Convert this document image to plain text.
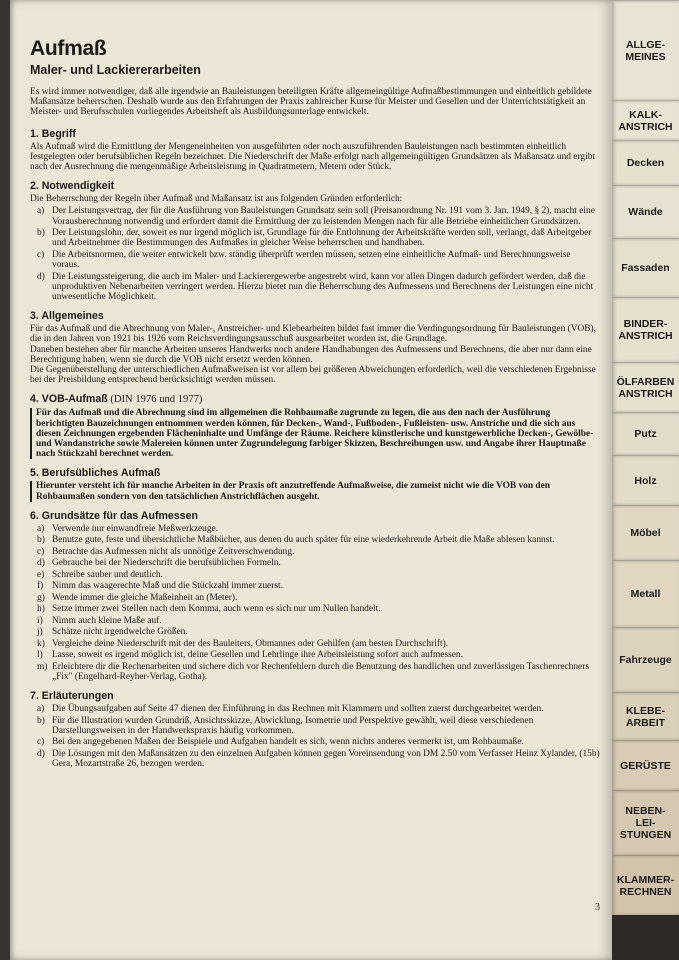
Aufmaß
Maler- und Lackiererarbeiten

Es wird immer notwendiger, daß alle irgendwie an Bauleistungen beteiligten Kräfte allgemeingültige Aufmaßbestimmungen und einheitlich gebildete Maßansätze beherrschen. Deshalb wurde aus den Erfahrungen der Praxis zahlreicher Kurse für Meister und Gesellen und der Unterrichtstätigkeit an Meister- und Berufsschulen vorliegendes Arbeitsheft als Ausbildungsunterlage entwickelt.

1. Begriff

Als Aufmaß wird die Ermittlung der Mengeneinheiten von ausgeführten oder noch auszuführenden Bauleistungen nach bestimmten einheitlich festgelegten oder berufsüblichen Regeln bezeichnet. Die Niederschrift der Maße erfolgt nach allgemeingültigen Grundsätzen als Maßansatz und ergibt nach der Ausrechnung die mengenmäßige Arbeitsleistung in Quadratmetern, Metern oder Stück.

2. Notwendigkeit

Die Beherrschung der Regeln über Aufmaß und Maßansatz ist aus folgenden Gründen erforderlich:

a) Der Leistungsvertrag, der für die Ausführung von Bauleistungen Grundsatz sein soll (Preisanordnung Nr. 191 vom 3. Jan. 1949, § 2), macht eine Vorausberechnung notwendig und erfordert damit die Ermittlung der zu leistenden Mengen nach für alle Betriebe einheitlichen Grundsätzen.
b) Der Leistungslohn, der, soweit es nur irgend möglich ist, Grundlage für die Entlohnung der Arbeitskräfte werden soll, verlangt, daß Arbeitgeber und Arbeitnehmer die Bestimmungen des Aufmaßes in gleicher Weise beherrschen und handhaben.
c) Die Arbeitsnormen, die weiter entwickelt bzw. ständig überprüft werden müssen, setzen eine einheitliche Aufmaß- und Berechnungsweise voraus.
d) Die Leistungssteigerung, die auch im Maler- und Lackierergewerbe angestrebt wird, kann vor allen Dingen dadurch gefördert werden, daß die unproduktiven Nebenarbeiten verringert werden. Hierzu bietet nun die Beherrschung des Aufmessens und Berechnens der Leistungen eine nicht unwesentliche Möglichkeit.
3. Allgemeines

Für das Aufmaß und die Abrechnung von Maler-, Anstreicher- und Klebearbeiten bildet fast immer die Verdingungsordnung für Bauleistungen (VOB), die in den Jahren von 1921 bis 1926 vom Reichsverdingungsausschuß ausgearbeitet worden ist, die Grundlage.

Daneben bestehen aber für manche Arbeiten unseres Handwerks noch andere Handhabungen des Aufmessens und Berechnens, die aber nur dann eine Berechtigung haben, wenn sie durch die VOB nicht ersetzt werden können.

Die Gegenüberstellung der unterschiedlichen Aufmaßweisen ist vor allem bei größeren Abweichungen erforderlich, weil die verschiedenen Ergebnisse bei der Preisbildung entsprechend berücksichtigt werden müssen.

4. VOB-Aufmaß (DIN 1976 und 1977)

Für das Aufmaß und die Abrechnung sind im allgemeinen die Rohbaumaße zugrunde zu legen, die aus den nach der Ausführung berichtigten Bauzeichnungen entnommen werden können, für Decken-, Wand-, Fußboden-, Fußleisten- usw. Anstriche und die sich aus diesen Zeichnungen ergebenden Flächeninhalte und Umfänge der Räume. Reichere künstlerische und kunstgewerbliche Decken-, Gewölbe- und Wandanstriche sowie Malereien können unter Zugrundelegung farbiger Skizzen, Beschreibungen usw. und Angabe ihrer Hauptmaße nach Stückzahl berechnet werden.

5. Berufsübliches Aufmaß

Hierunter versteht ich für manche Arbeiten in der Praxis oft anzutreffende Aufmaßweise, die zumeist nicht wie die VOB von den Rohbaumaßen sondern von den tatsächlichen Anstrichflächen ausgeht.

6. Grundsätze für das Aufmessen
a) Verwende nur einwandfreie Meßwerkzeuge.
b) Benutze gute, feste und übersichtliche Maßbücher, aus denen du auch später für eine wiederkehrende Arbeit die Maße ablesen kannst.
c) Betrachte das Aufmessen nicht als unnötige Zeitverschwendung.
d) Gebrauche bei der Niederschrift die berufsüblichen Formeln.
e) Schreibe sauber und deutlich.
f) Nimm das waagerechte Maß und die Stückzahl immer zuerst.
g) Wende immer die gleiche Maßeinheit an (Meter).
h) Setze immer zwei Stellen nach dem Komma, auch wenn es sich nur um Nullen handelt.
i) Nimm auch kleine Maße auf.
j) Schätze nicht irgendwelche Größen.
k) Vergleiche deine Niederschrift mit der des Bauleiters, Obmannes oder Gehilfen (am besten Durchschrift).
l) Lasse, soweit es irgend möglich ist, deine Gesellen und Lehrlinge ihre Arbeitsleistung sofort auch aufmessen.
m) Erleichtere dir die Rechenarbeiten und sichere dich vor Rechenfehlern durch die Benutzung des handlichen und zuverlässigen Taschenrechners „Fix" (Engelhard-Reyher-Verlag, Gotha).
7. Erläuterungen
a) Die Übungsaufgaben auf Seite 47 dienen der Einführung in das Rechnen mit Klammern und sollten zuerst durchgearbeitet werden.
b) Für die Illustration wurden Grundriß, Ansichtsskizze, Abwicklung, Isometrie und Perspektive gewählt, weil diese verschiedenen Darstellungsweisen in der Handwerkspraxis häufig vorkommen.
c) Bei den angegebenen Maßen der Beispiele und Aufgaben handelt es sich, wenn nichts anderes vermerkt ist, um Rohbaumaße.
d) Die Lösungen mit den Maßansätzen zu den einzelnen Aufgaben können gegen Voreinsendung von DM 2.50 vom Verfasser Heinz Xylander, (15b) Gera, Mozartstraße 26, bezogen werden.
3
ALLGE-
MEINES
KALK-
ANSTRICH
Decken
Wände
Fassaden
BINDER-
ANSTRICH
ÖLFARBEN
ANSTRICH
Putz
Holz
Möbel
Metall
Fahrzeuge
KLEBE-
ARBEIT
GERÜSTE
NEBEN-
LEI-
STUNGEN
KLAMMER-
RECHNEN
